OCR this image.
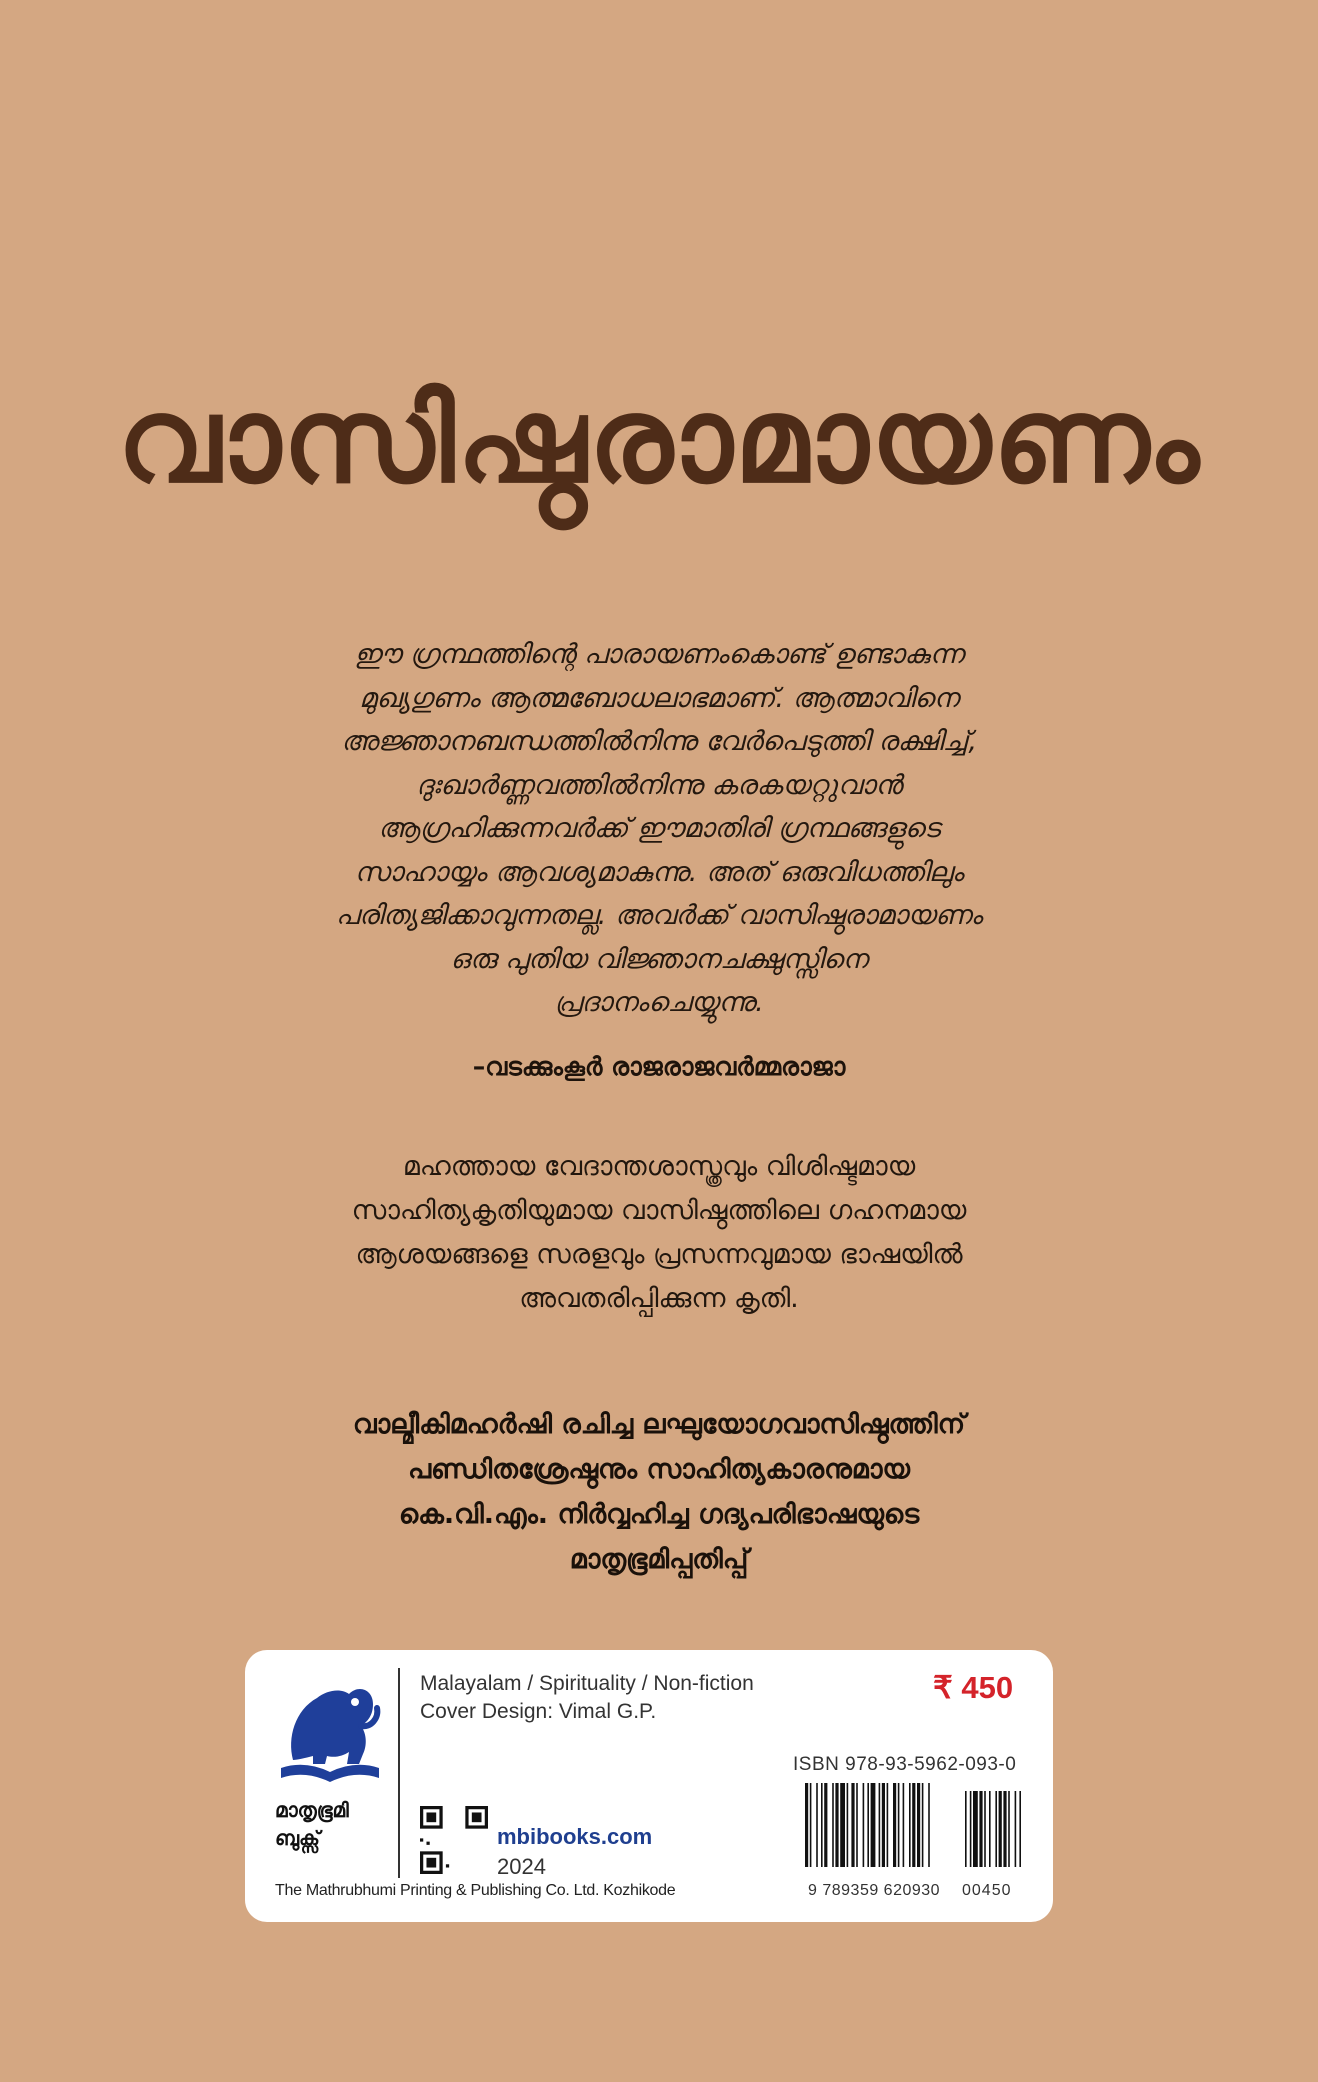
വാസിഷ്ഠരാമായണം
ഈ ഗ്രന്ഥത്തിന്റെ പാരായണംകൊണ്ട് ഉണ്ടാകുന്ന
മുഖ്യഗുണം ആത്മബോധലാഭമാണ്. ആത്മാവിനെ
അജ്ഞാനബന്ധത്തിൽനിന്നു വേർപെടുത്തി രക്ഷിച്ച്,
ദുഃഖാർണ്ണവത്തിൽനിന്നു കരകയറ്റുവാൻ
ആഗ്രഹിക്കുന്നവർക്ക് ഈമാതിരി ഗ്രന്ഥങ്ങളുടെ
സാഹായ്യം ആവശ്യമാകുന്നു. അത് ഒരുവിധത്തിലും
പരിത്യജിക്കാവുന്നതല്ല. അവർക്ക് വാസിഷ്ഠരാമായണം
ഒരു പുതിയ വിജ്ഞാനചക്ഷുസ്സിനെ
പ്രദാനംചെയ്യുന്നു.
–വടക്കുംകൂർ രാജരാജവർമ്മരാജാ
മഹത്തായ വേദാന്തശാസ്ത്രവും വിശിഷ്ടമായ
സാഹിത്യകൃതിയുമായ വാസിഷ്ഠത്തിലെ ഗഹനമായ
ആശയങ്ങളെ സരളവും പ്രസന്നവുമായ ഭാഷയിൽ
അവതരിപ്പിക്കുന്ന കൃതി.
വാല്മീകിമഹർഷി രചിച്ച ലഘുയോഗവാസിഷ്ഠത്തിന്
പണ്ഡിതശ്രേഷ്ഠനും സാഹിത്യകാരനുമായ
കെ.വി.എം. നിർവ്വഹിച്ച ഗദ്യപരിഭാഷയുടെ
മാതൃഭൂമിപ്പതിപ്പ്
മാതൃഭൂമി ബുക്സ്
Malayalam / Spirituality / Non-fiction
Cover Design: Vimal G.P.
₹ 450
ISBN 978-93-5962-093-0
9 789359 620930 00450
mbibooks.com
2024
The Mathrubhumi Printing & Publishing Co. Ltd. Kozhikode
